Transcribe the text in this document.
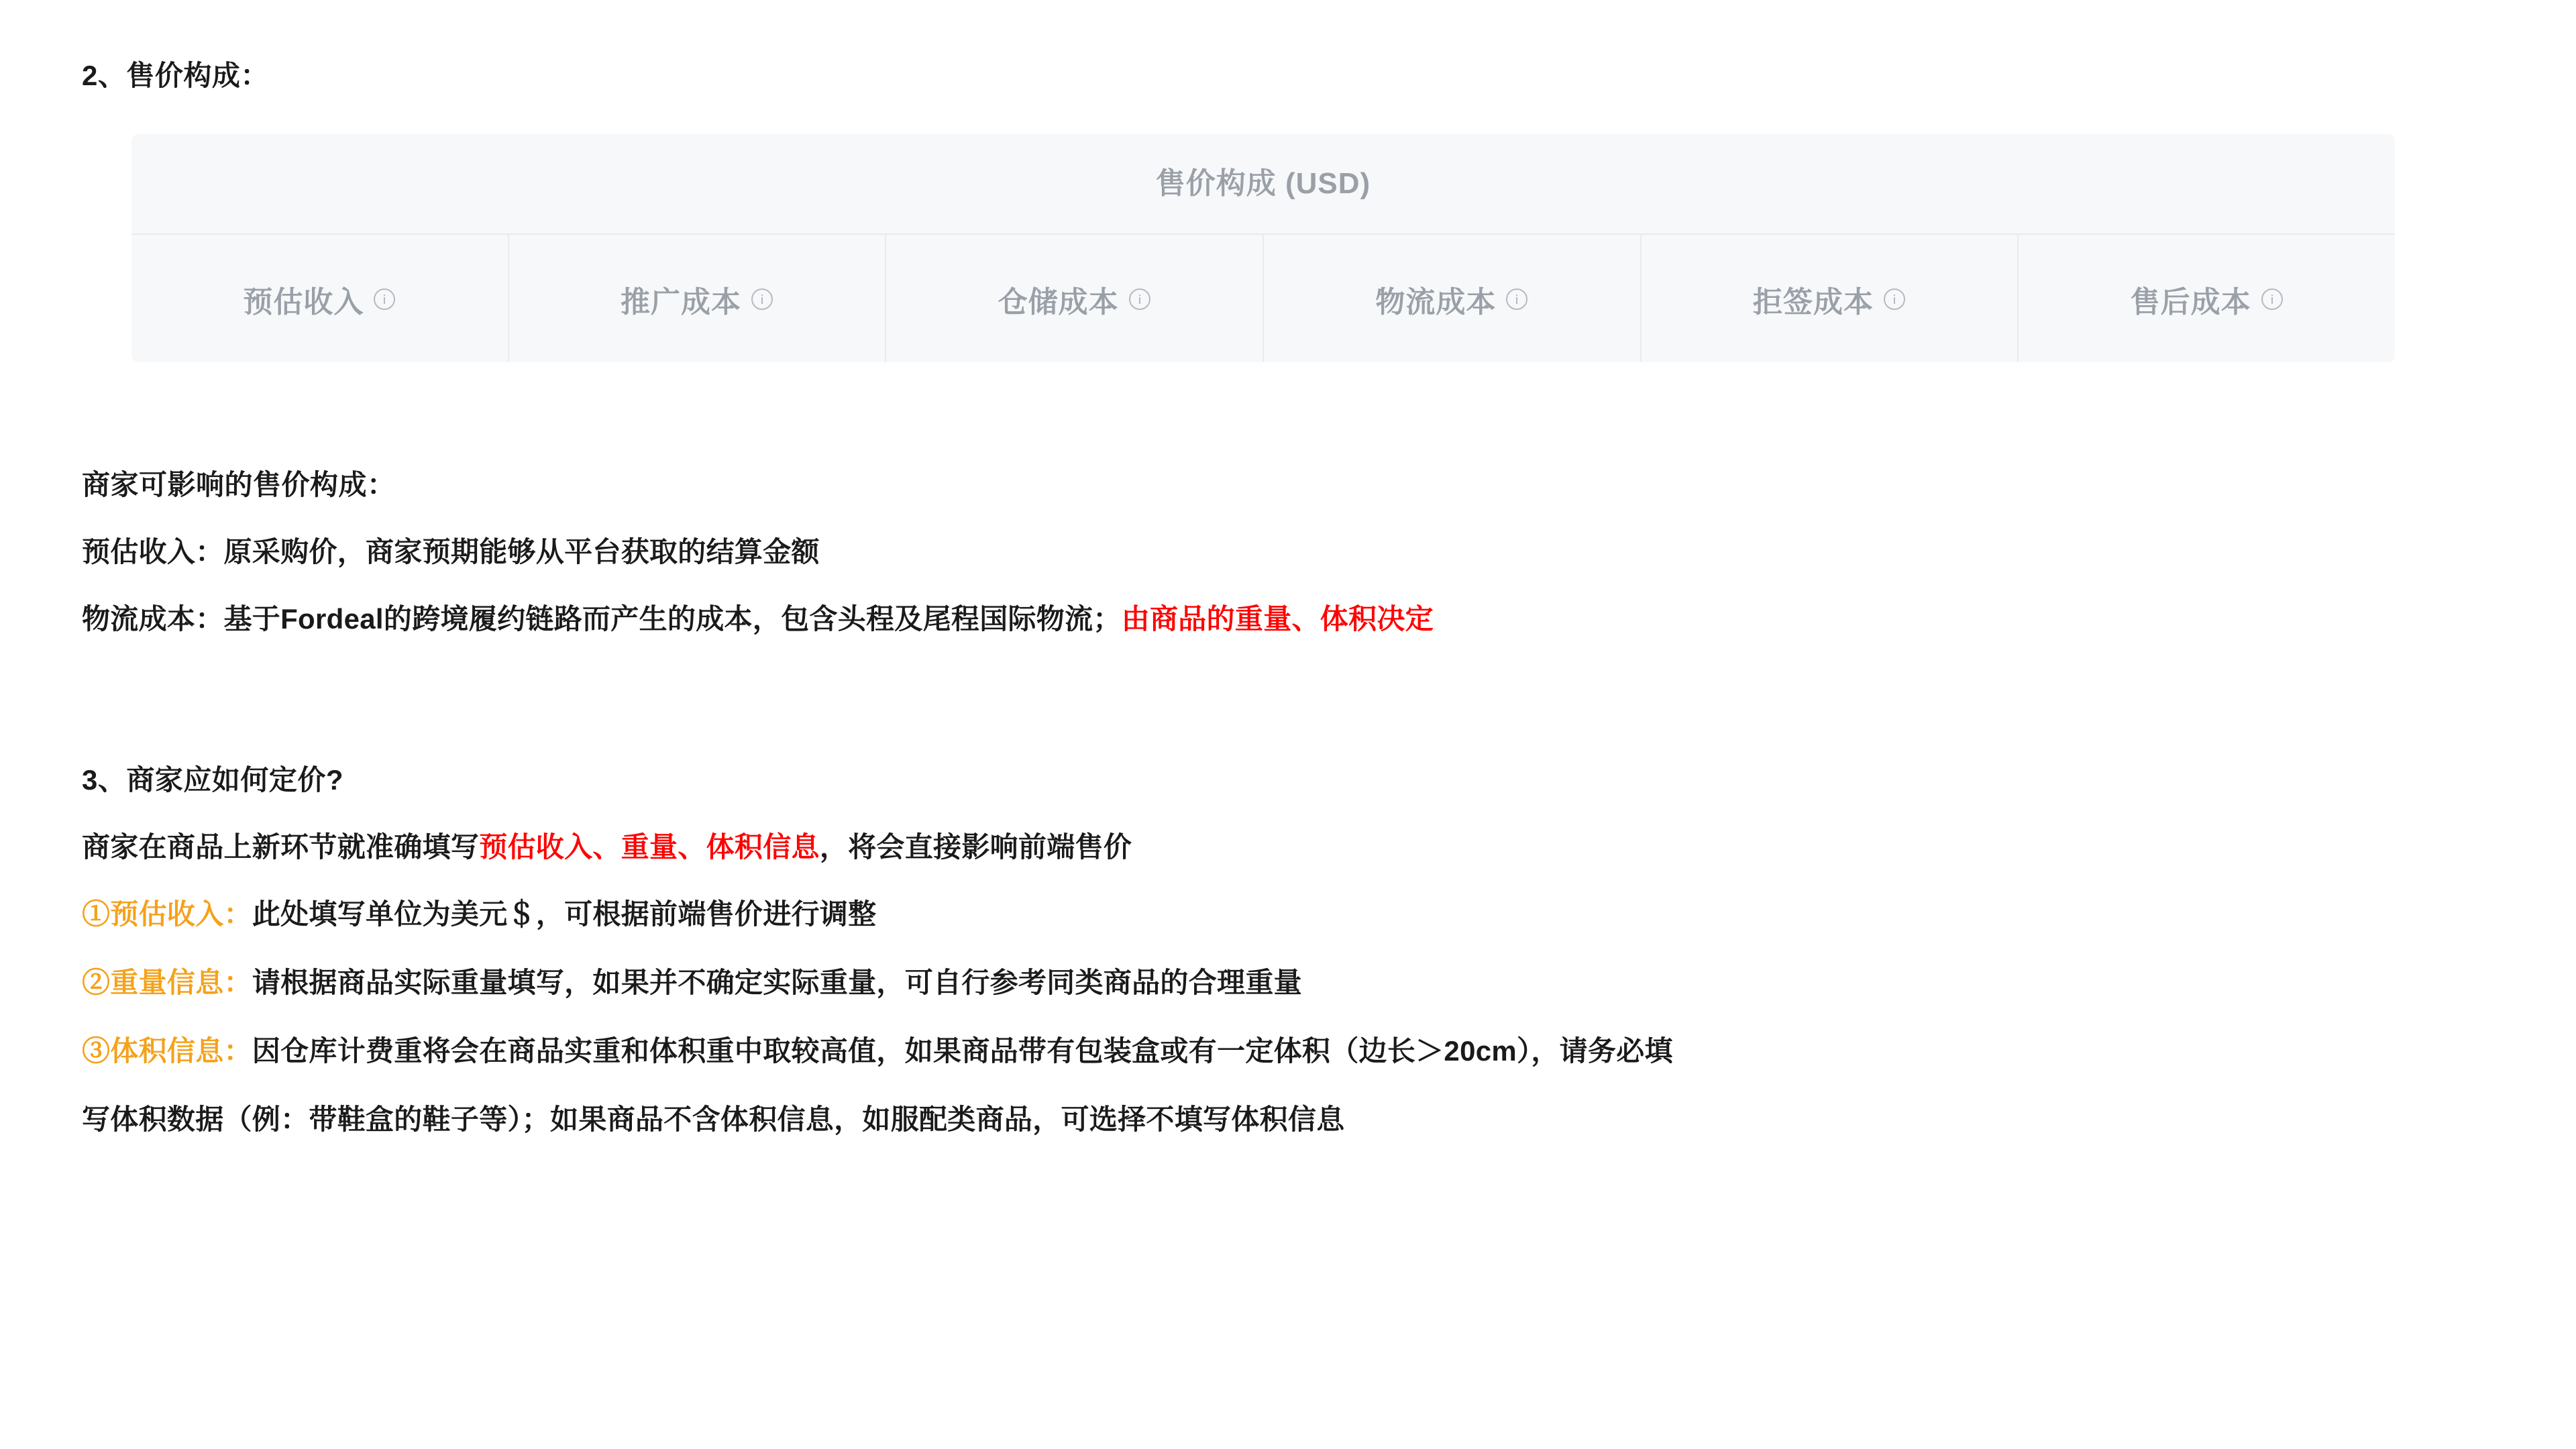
2、售价构成：
售价构成 (USD)
预估收入	推广成本	仓储成本	物流成本	拒签成本	售后成本
商家可影响的售价构成：
预估收入：原采购价，商家预期能够从平台获取的结算金额
物流成本：基于Fordeal的跨境履约链路而产生的成本，包含头程及尾程国际物流；由商品的重量、体积决定
3、商家应如何定价?
商家在商品上新环节就准确填写预估收入、重量、体积信息，将会直接影响前端售价
①预估收入：此处填写单位为美元＄，可根据前端售价进行调整
②重量信息：请根据商品实际重量填写，如果并不确定实际重量，可自行参考同类商品的合理重量
③体积信息：因仓库计费重将会在商品实重和体积重中取较高值，如果商品带有包装盒或有一定体积（边长＞20cm），请务必填
写体积数据（例：带鞋盒的鞋子等）；如果商品不含体积信息，如服配类商品，可选择不填写体积信息
